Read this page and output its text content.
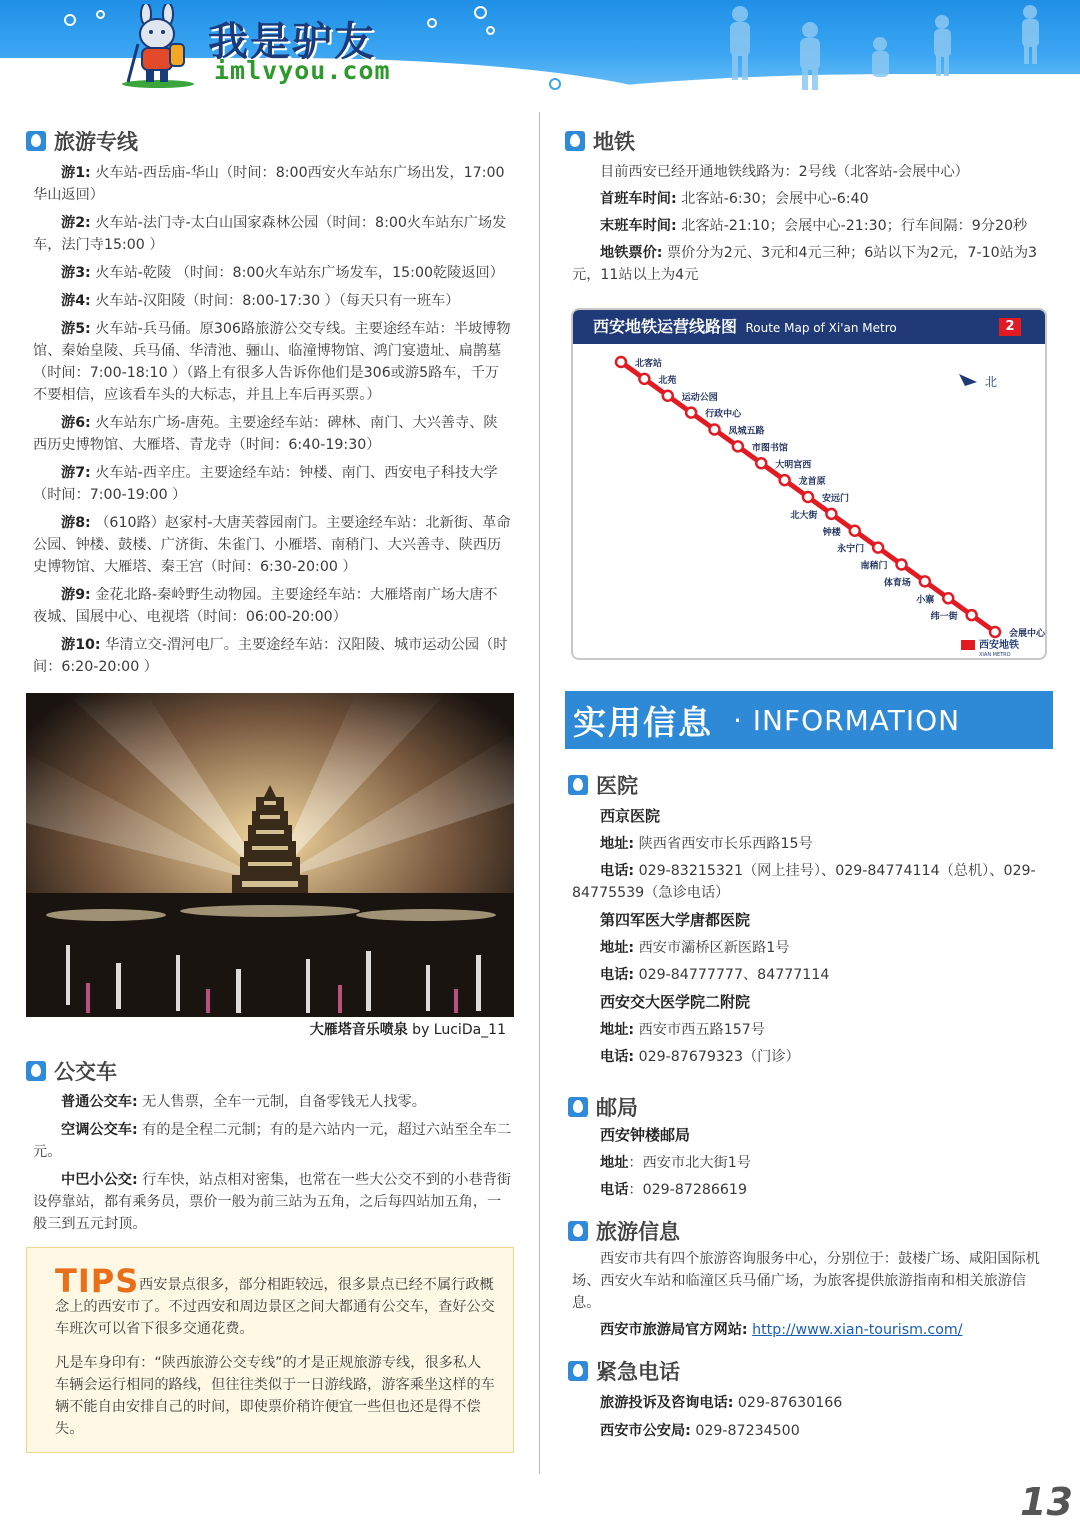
我是驴友
imlvyou.com
旅游专线
游1: 火车站-西岳庙-华山（时间：8:00西安火车站东广场出发，17:00华山返回）
游2: 火车站-法门寺-太白山国家森林公园（时间：8:00火车站东广场发车，法门寺15:00 ）
游3: 火车站-乾陵 （时间：8:00火车站东广场发车，15:00乾陵返回）
游4: 火车站-汉阳陵（时间：8:00-17:30 ）（每天只有一班车）
游5: 火车站-兵马俑。原306路旅游公交专线。主要途经车站：半坡博物馆、秦始皇陵、兵马俑、华清池、骊山、临潼博物馆、鸿门宴遗址、扁鹊墓（时间：7:00-18:10 ）（路上有很多人告诉你他们是306或游5路车，千万不要相信，应该看车头的大标志，并且上车后再买票。）
游6: 火车站东广场-唐苑。主要途经车站：碑林、南门、大兴善寺、陕西历史博物馆、大雁塔、青龙寺（时间：6:40-19:30）
游7: 火车站-西辛庄。主要途经车站：钟楼、南门、西安电子科技大学（时间：7:00-19:00 ）
游8: （610路）赵家村-大唐芙蓉园南门。主要途经车站：北新街、革命公园、钟楼、鼓楼、广济街、朱雀门、小雁塔、南稍门、大兴善寺、陕西历史博物馆、大雁塔、秦王宫（时间：6:30-20:00 ）
游9: 金花北路-秦岭野生动物园。主要途经车站：大雁塔南广场大唐不夜城、国展中心、电视塔（时间：06:00-20:00）
游10: 华清立交-渭河电厂。主要途经车站：汉阳陵、城市运动公园（时间：6:20-20:00 ）
大雁塔音乐喷泉 by LuciDa_11
公交车
普通公交车: 无人售票，全车一元制，自备零钱无人找零。
空调公交车: 有的是全程二元制；有的是六站内一元，超过六站至全车二元。
中巴小公交: 行车快，站点相对密集，也常在一些大公交不到的小巷背街设停靠站，都有乘务员，票价一般为前三站为五角，之后每四站加五角，一般三到五元封顶。
TIPS 西安景点很多，部分相距较远，很多景点已经不属行政概念上的西安市了。不过西安和周边景区之间大都通有公交车，查好公交车班次可以省下很多交通花费。
凡是车身印有：“陕西旅游公交专线”的才是正规旅游专线，很多私人车辆会运行相同的路线，但往往类似于一日游线路，游客乘坐这样的车辆不能自由安排自己的时间，即使票价稍许便宜一些但也还是得不偿失。
地铁
目前西安已经开通地铁线路为：2号线（北客站-会展中心）
首班车时间: 北客站-6:30；会展中心-6:40
末班车时间: 北客站-21:10；会展中心-21:30；行车间隔：9分20秒
地铁票价: 票价分为2元、3元和4元三种；6站以下为2元，7-10站为3元，11站以上为4元
西安地铁运营线路图 Route Map of Xi'an Metro	2
北
北客站
北苑
运动公园
行政中心
凤城五路
市图书馆
大明宫西
龙首原
安远门
北大街
钟楼
永宁门
南稍门
体育场
小寨
纬一街
会展中心
西安地铁
XIAN METRO
实用信息 · INFORMATION
医院
西京医院
地址: 陕西省西安市长乐西路15号
电话: 029-83215321（网上挂号）、029-84774114（总机）、029-84775539（急诊电话）
第四军医大学唐都医院
地址: 西安市灞桥区新医路1号
电话: 029-84777777、84777114
西安交大医学院二附院
地址: 西安市西五路157号
电话: 029-87679323（门诊）
邮局
西安钟楼邮局
地址：西安市北大街1号
电话：029-87286619
旅游信息
西安市共有四个旅游咨询服务中心，分别位于：鼓楼广场、咸阳国际机场、西安火车站和临潼区兵马俑广场，为旅客提供旅游指南和相关旅游信息。
西安市旅游局官方网站: http://www.xian-tourism.com/
紧急电话
旅游投诉及咨询电话: 029-87630166
西安市公安局: 029-87234500
13
